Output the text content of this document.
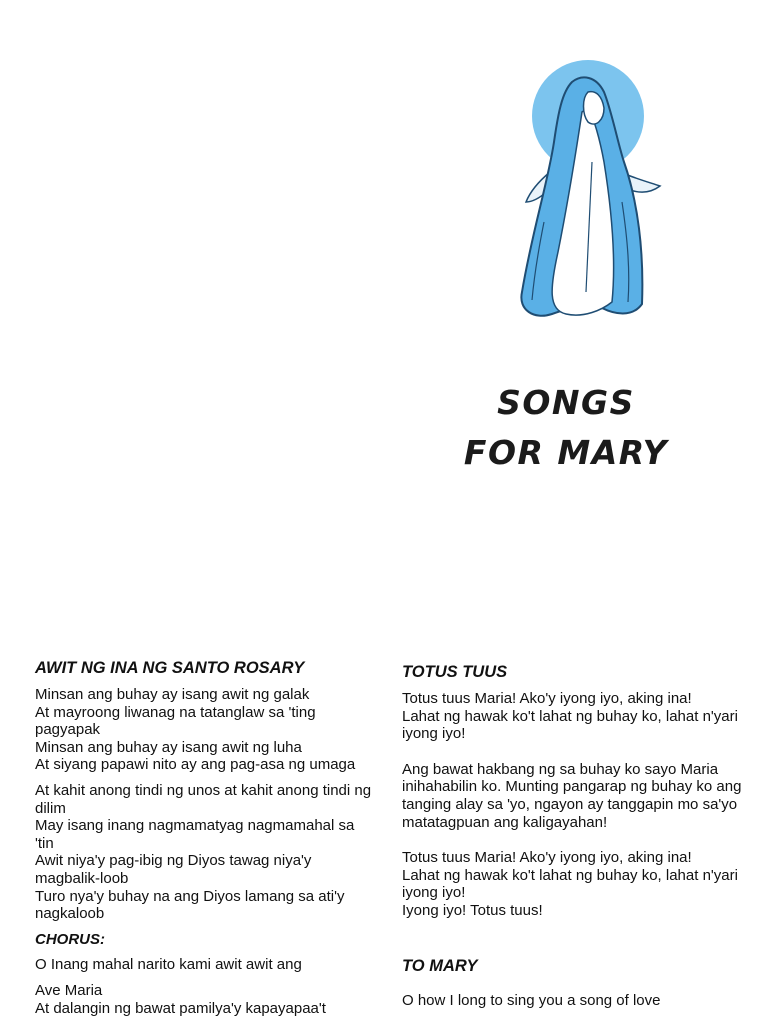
SONGS
FOR MARY
AWIT NG INA NG SANTO ROSARY
Minsan ang buhay ay isang awit ng galak
At mayroong liwanag na tatanglaw sa 'ting pagyapak
Minsan ang buhay ay isang awit ng luha
At siyang papawi nito ay ang pag-asa ng umaga
At kahit anong tindi ng unos at kahit anong tindi ng dilim
May isang inang nagmamatyag nagmamahal sa 'tin
Awit niya'y pag-ibig ng Diyos tawag niya'y magbalik-loob
Turo nya'y buhay na ang Diyos lamang sa ati'y nagkaloob
CHORUS:
O Inang mahal narito kami awit awit ang
Ave Maria
At dalangin ng bawat pamilya'y kapayapaa't
TOTUS TUUS
Totus tuus Maria! Ako'y iyong iyo, aking ina!
Lahat ng hawak ko't lahat ng buhay ko, lahat n'yari iyong iyo!
Ang bawat hakbang ng sa buhay ko sayo Maria inihahabilin ko. Munting pangarap ng buhay ko ang tanging alay sa 'yo, ngayon ay tanggapin mo sa'yo matatagpuan ang kaligayahan!
Totus tuus Maria! Ako'y iyong iyo, aking ina!
Lahat ng hawak ko't lahat ng buhay ko, lahat n'yari iyong iyo!
Iyong iyo! Totus tuus!
TO MARY
O how I long to sing you a song of love
